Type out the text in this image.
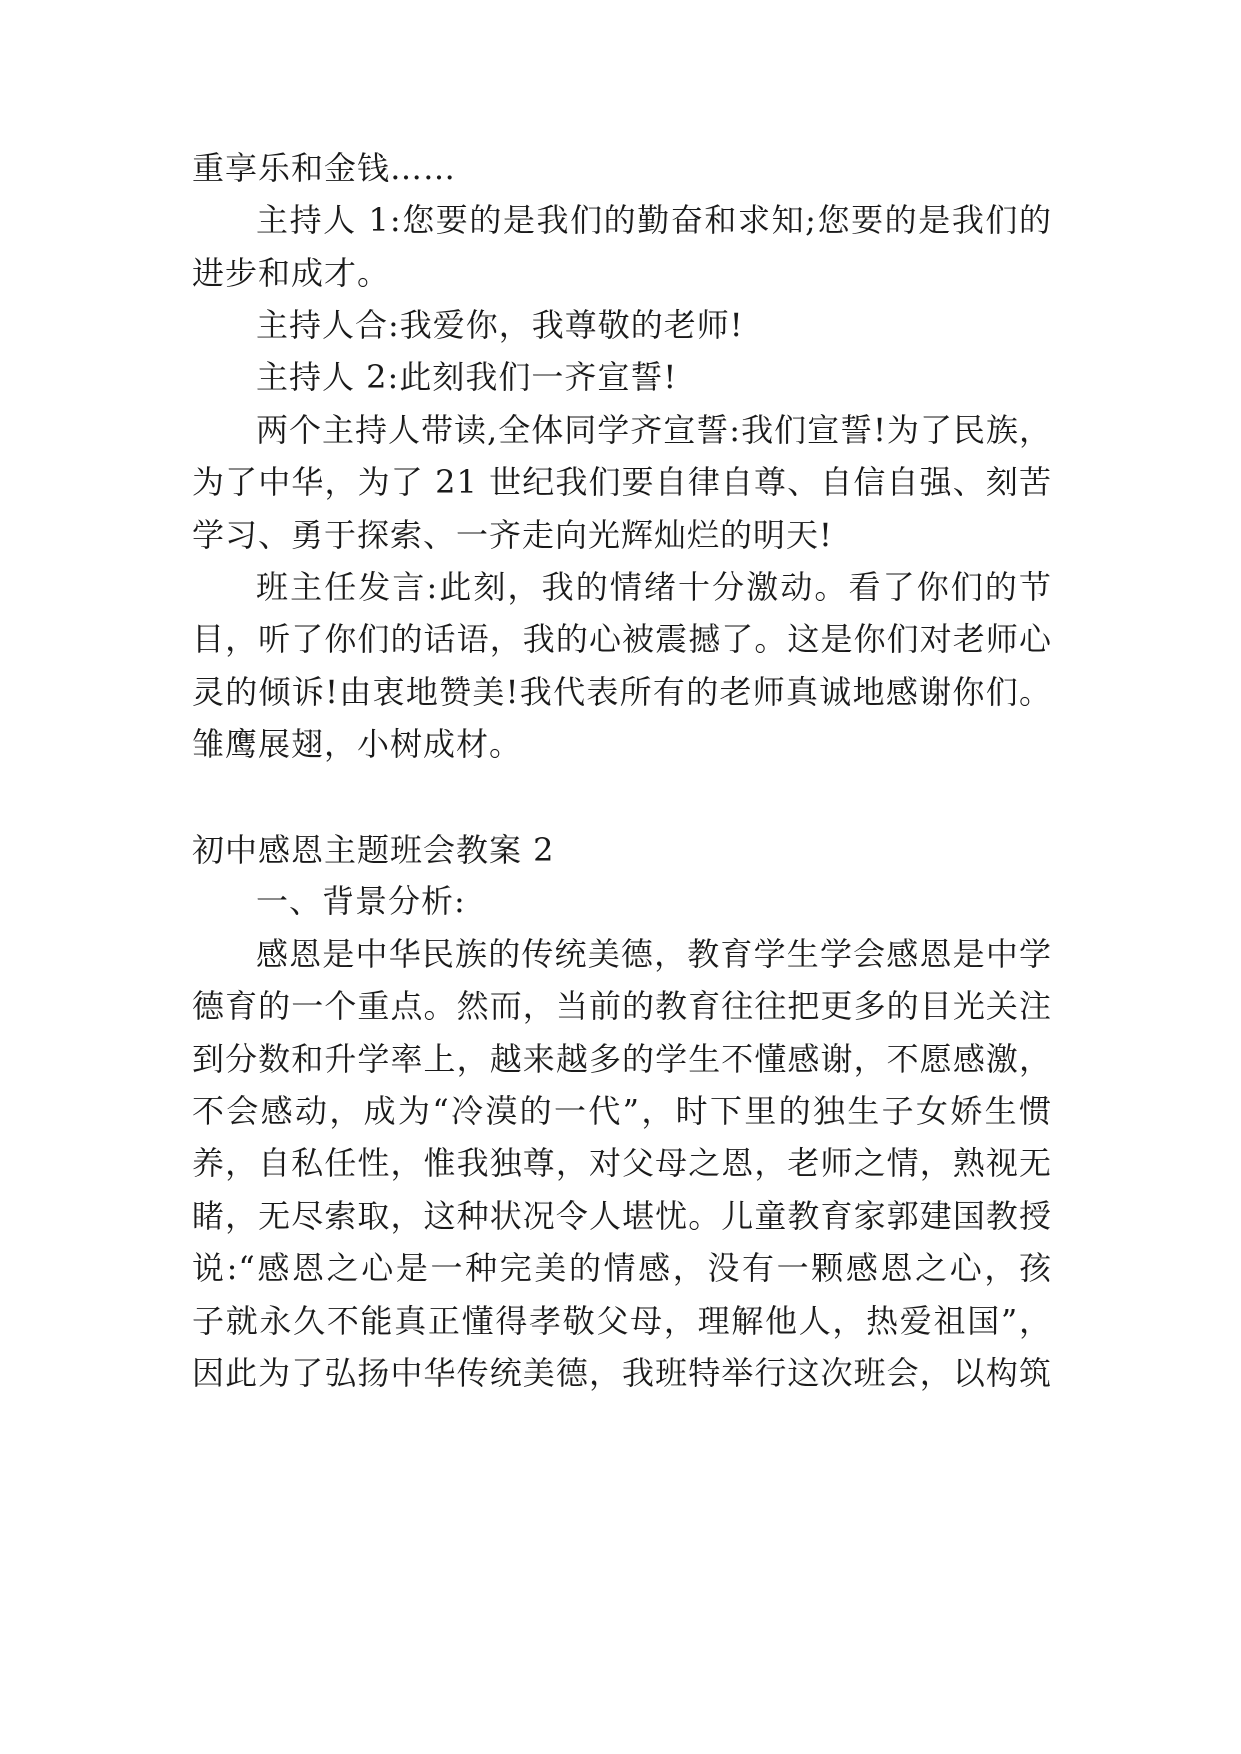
重享乐和金钱……
主持人 1:您要的是我们的勤奋和求知;您要的是我们的
进步和成才。
主持人合:我爱你，我尊敬的老师!
主持人 2:此刻我们一齐宣誓!
两个主持人带读,全体同学齐宣誓:我们宣誓!为了民族，
为了中华，为了 21 世纪我们要自律自尊、自信自强、刻苦
学习、勇于探索、一齐走向光辉灿烂的明天!
班主任发言:此刻，我的情绪十分激动。看了你们的节
目，听了你们的话语，我的心被震撼了。这是你们对老师心
灵的倾诉!由衷地赞美!我代表所有的老师真诚地感谢你们。
雏鹰展翅，小树成材。
初中感恩主题班会教案 2
一、背景分析:
感恩是中华民族的传统美德，教育学生学会感恩是中学
德育的一个重点。然而，当前的教育往往把更多的目光关注
到分数和升学率上，越来越多的学生不懂感谢，不愿感激，
不会感动，成为“冷漠的一代”，时下里的独生子女娇生惯
养，自私任性，惟我独尊，对父母之恩，老师之情，熟视无
睹，无尽索取，这种状况令人堪忧。儿童教育家郭建国教授
说:“感恩之心是一种完美的情感，没有一颗感恩之心，孩
子就永久不能真正懂得孝敬父母，理解他人，热爱祖国”，
因此为了弘扬中华传统美德，我班特举行这次班会，以构筑
